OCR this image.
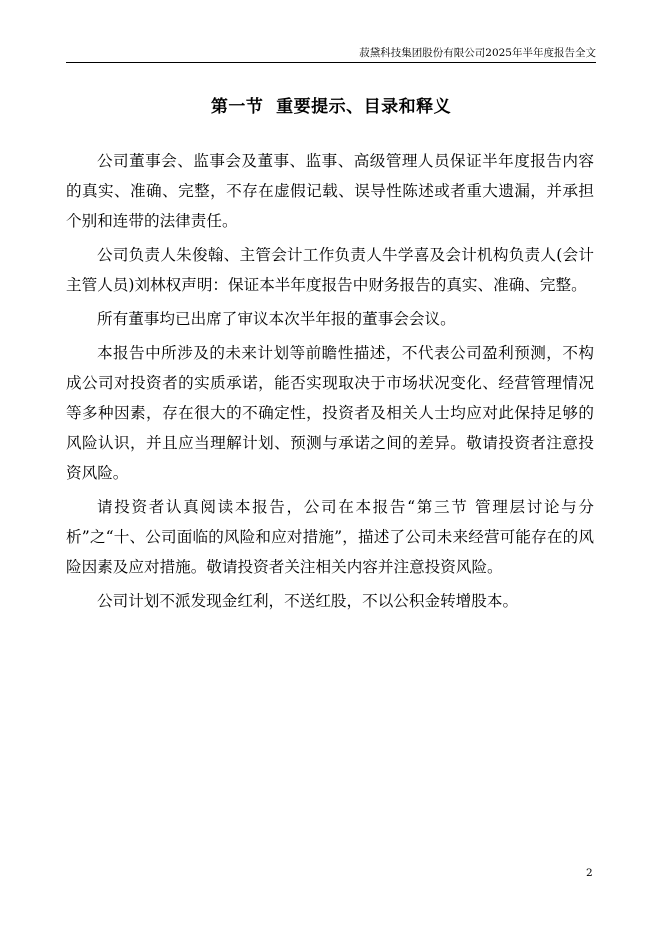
菽黛科技集团股份有限公司2025年半年度报告全文
第一节  重要提示、目录和释义

公司董事会、监事会及董事、监事、高级管理人员保证半年度报告内容的真实、准确、完整，不存在虚假记载、误导性陈述或者重大遗漏，并承担个别和连带的法律责任。

公司负责人朱俊翰、主管会计工作负责人牛学喜及会计机构负责人(会计主管人员)刘林权声明：保证本半年度报告中财务报告的真实、准确、完整。

所有董事均已出席了审议本次半年报的董事会会议。

本报告中所涉及的未来计划等前瞻性描述，不代表公司盈利预测，不构成公司对投资者的实质承诺，能否实现取决于市场状况变化、经营管理情况等多种因素，存在很大的不确定性，投资者及相关人士均应对此保持足够的风险认识，并且应当理解计划、预测与承诺之间的差异。敬请投资者注意投资风险。

请投资者认真阅读本报告，公司在本报告“第三节 管理层讨论与分析”之“十、公司面临的风险和应对措施”，描述了公司未来经营可能存在的风险因素及应对措施。敬请投资者关注相关内容并注意投资风险。

公司计划不派发现金红利，不送红股，不以公积金转增股本。

2
